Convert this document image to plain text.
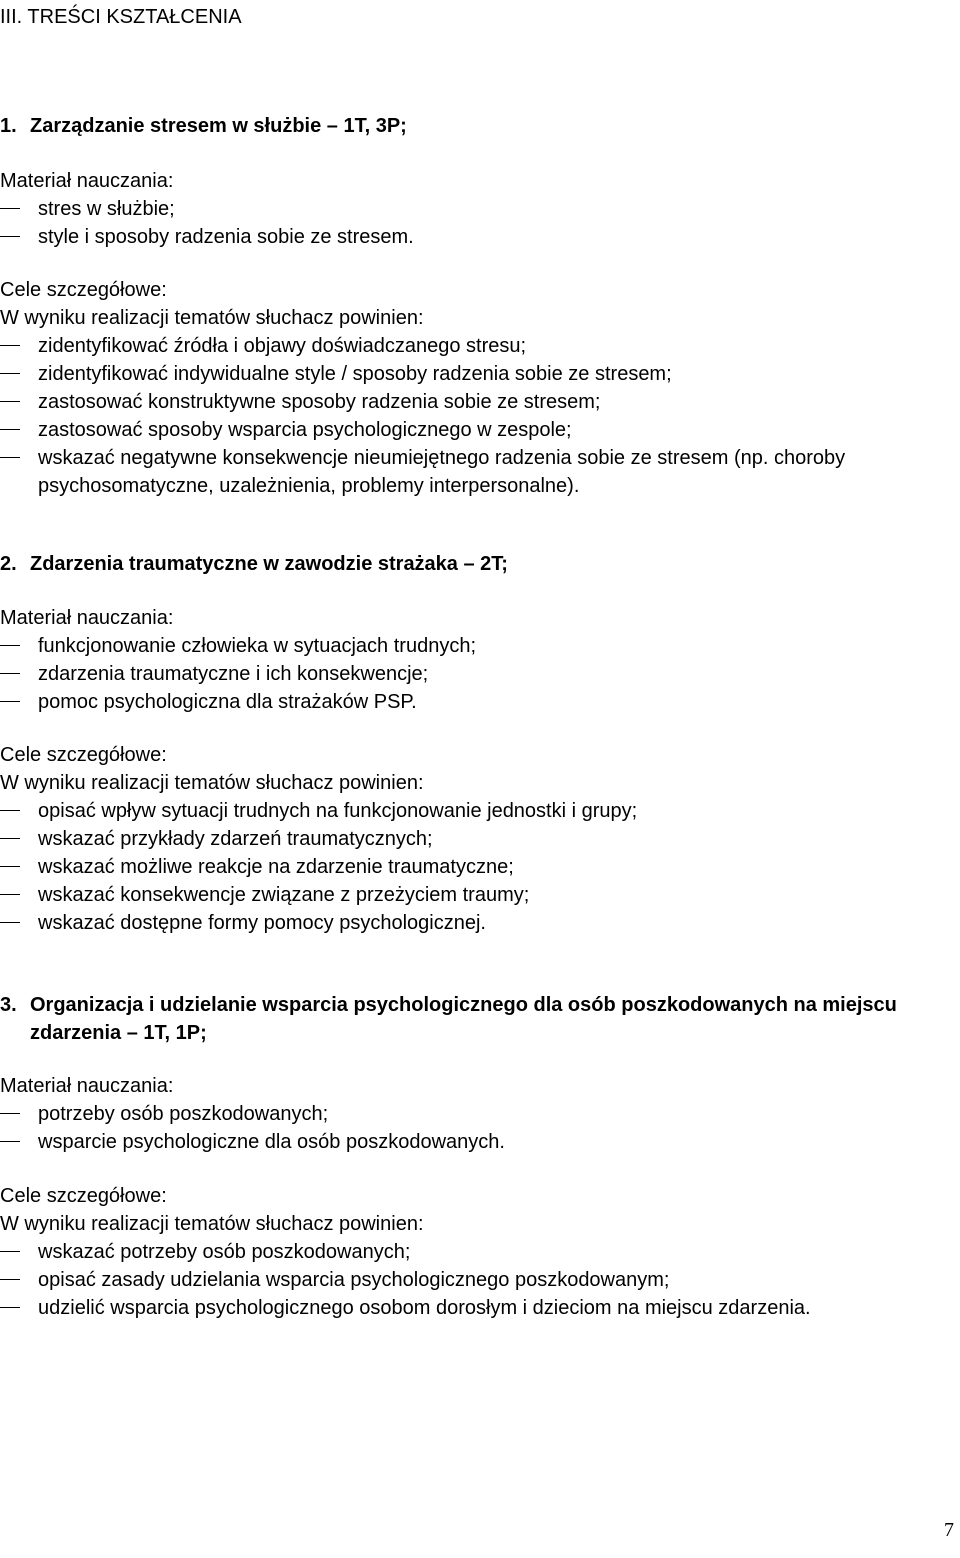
III. TREŚCI KSZTAŁCENIA
1. Zarządzanie stresem w służbie – 1T, 3P;
Materiał nauczania:
stres w służbie;
style i sposoby radzenia sobie ze stresem.
Cele szczegółowe:
W wyniku realizacji tematów słuchacz powinien:
zidentyfikować źródła i objawy doświadczanego stresu;
zidentyfikować indywidualne style / sposoby radzenia sobie ze stresem;
zastosować konstruktywne sposoby radzenia sobie ze stresem;
zastosować sposoby wsparcia psychologicznego w zespole;
wskazać negatywne konsekwencje nieumiejętnego radzenia sobie ze stresem (np. choroby psychosomatyczne, uzależnienia, problemy interpersonalne).
2. Zdarzenia traumatyczne w zawodzie strażaka – 2T;
Materiał nauczania:
funkcjonowanie człowieka w sytuacjach trudnych;
zdarzenia traumatyczne i ich konsekwencje;
pomoc psychologiczna dla strażaków PSP.
Cele szczegółowe:
W wyniku realizacji tematów słuchacz powinien:
opisać wpływ sytuacji trudnych na funkcjonowanie jednostki i grupy;
wskazać przykłady zdarzeń traumatycznych;
wskazać możliwe reakcje na zdarzenie traumatyczne;
wskazać konsekwencje związane z przeżyciem traumy;
wskazać dostępne formy pomocy psychologicznej.
3. Organizacja i udzielanie wsparcia psychologicznego dla osób poszkodowanych na miejscu zdarzenia – 1T, 1P;
Materiał nauczania:
potrzeby osób poszkodowanych;
wsparcie psychologiczne dla osób poszkodowanych.
Cele szczegółowe:
W wyniku realizacji tematów słuchacz powinien:
wskazać potrzeby osób poszkodowanych;
opisać zasady udzielania wsparcia psychologicznego poszkodowanym;
udzielić wsparcia psychologicznego osobom dorosłym i dzieciom na miejscu zdarzenia.
7
